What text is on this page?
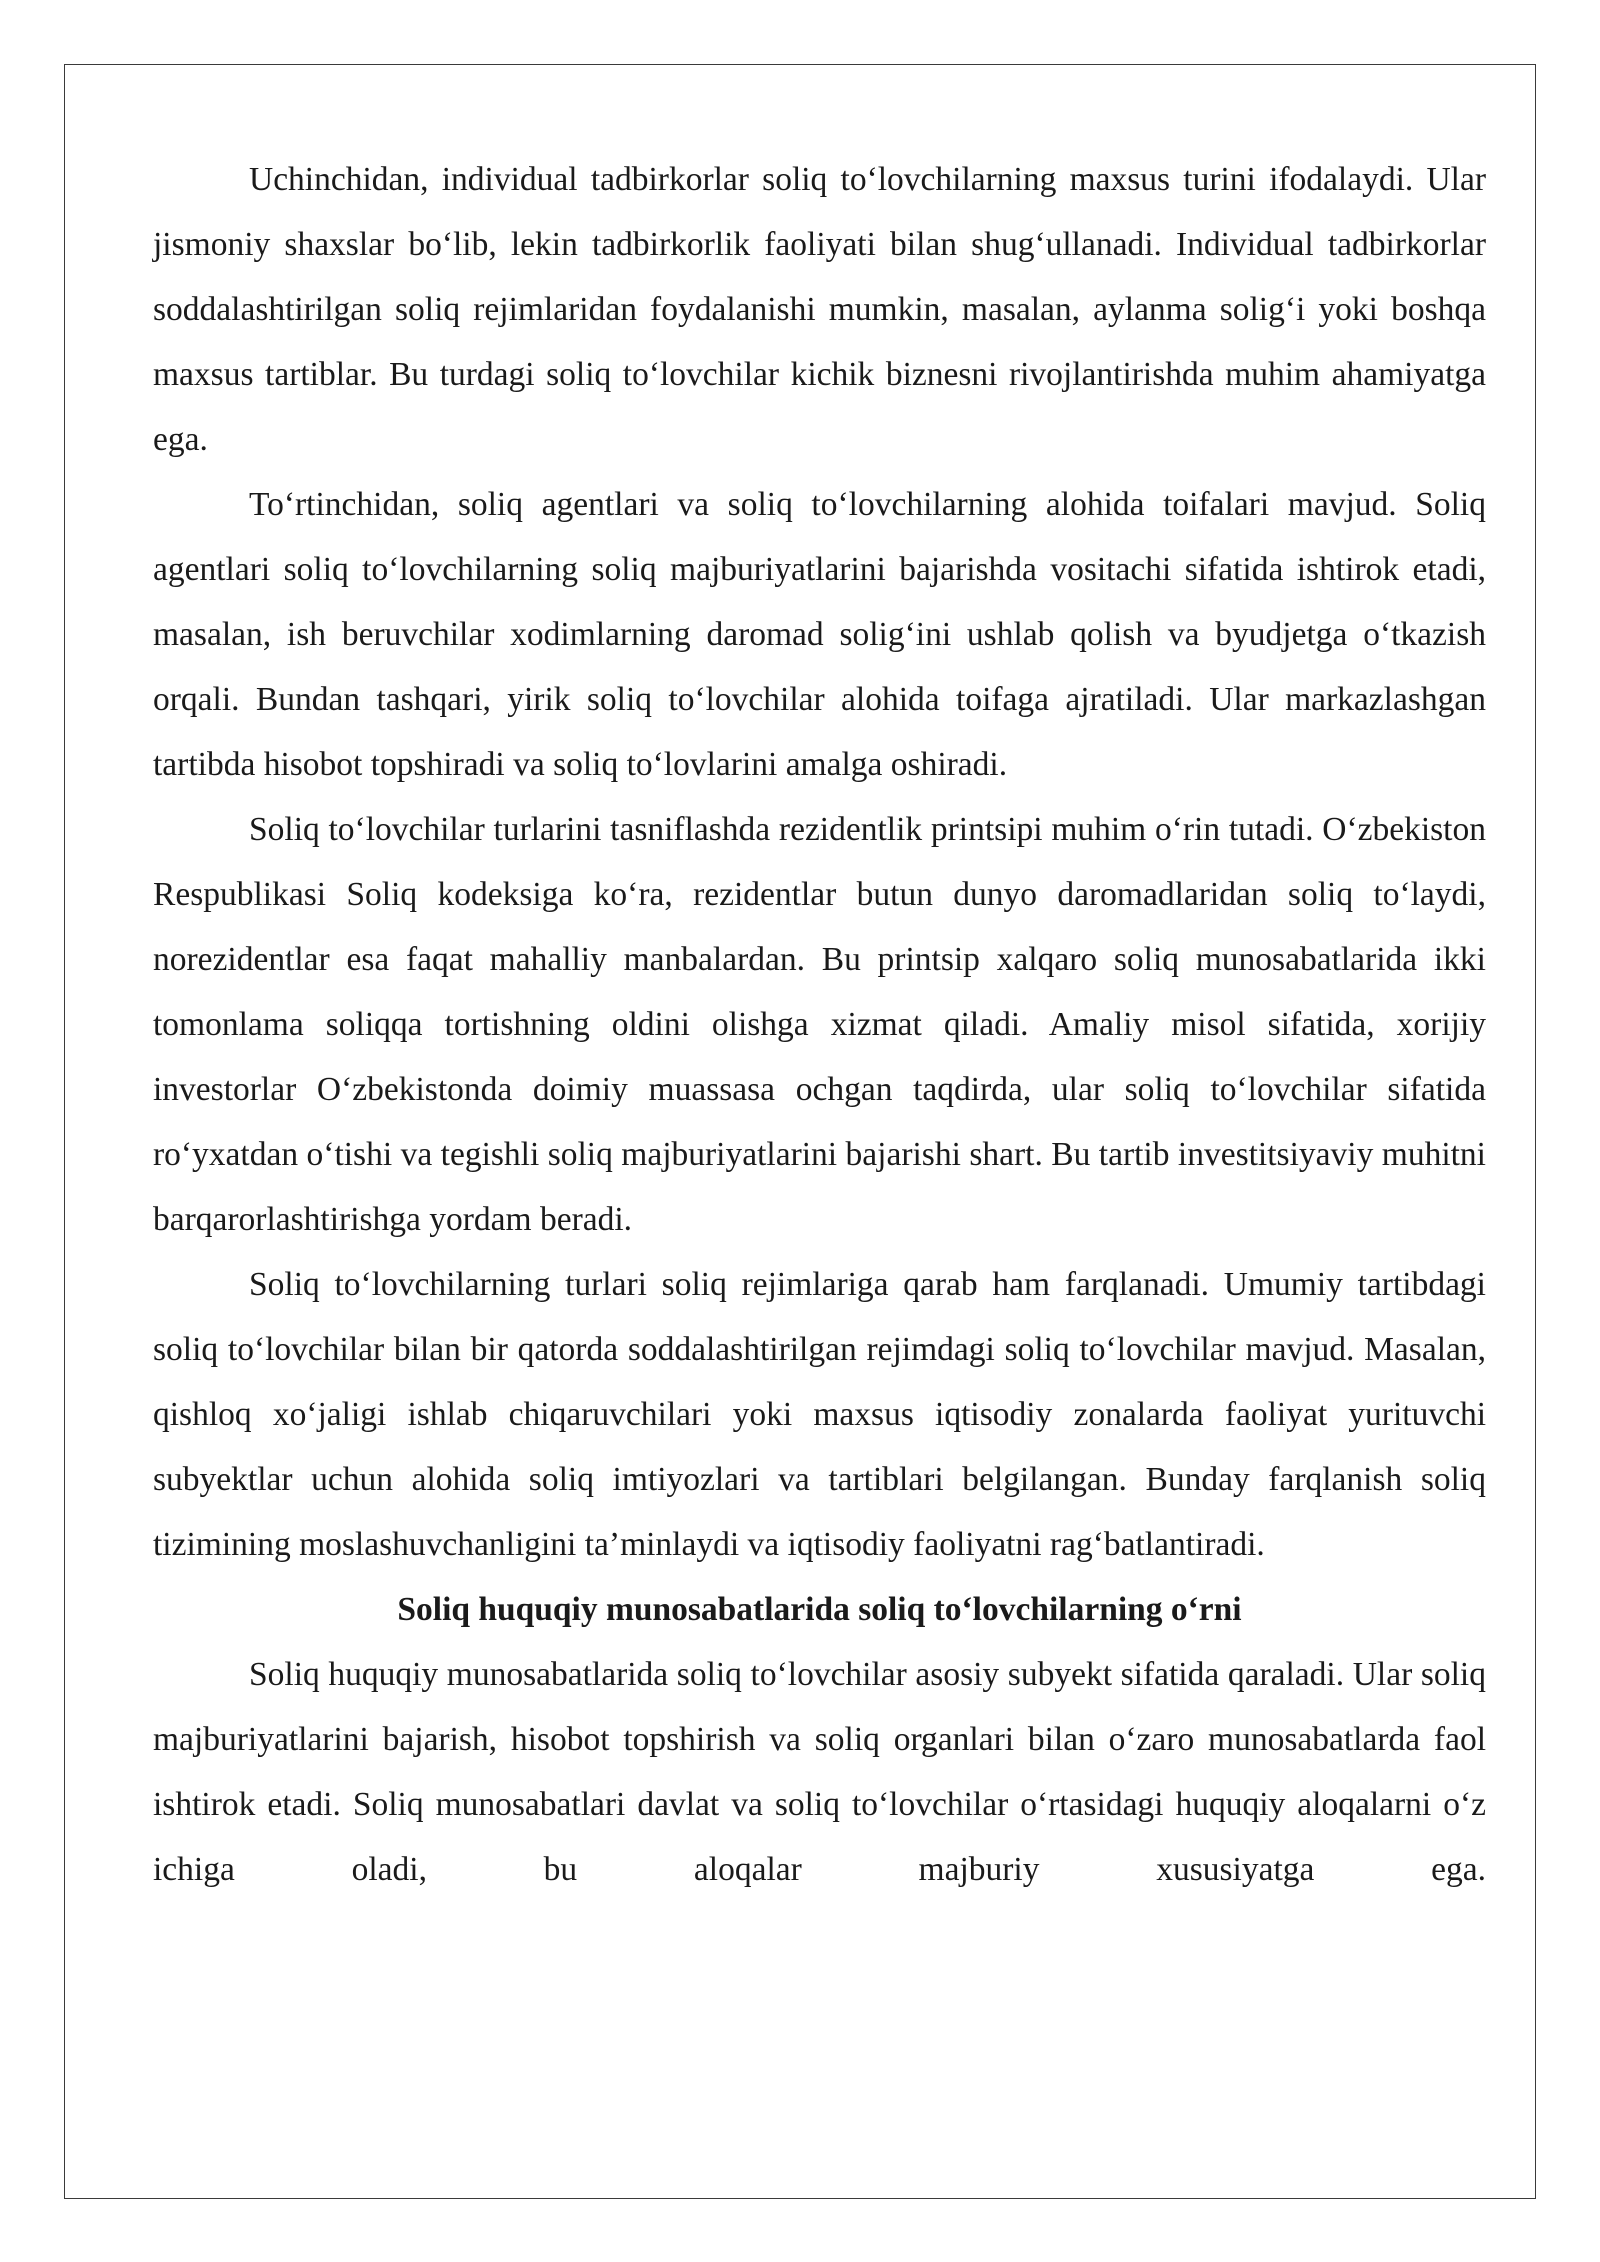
Uchinchidan, individual tadbirkorlar soliq to‘lovchilarning maxsus turini ifodalaydi. Ular jismoniy shaxslar bo‘lib, lekin tadbirkorlik faoliyati bilan shug‘ullanadi. Individual tadbirkorlar soddalashtirilgan soliq rejimlaridan foydalanishi mumkin, masalan, aylanma solig‘i yoki boshqa maxsus tartiblar. Bu turdagi soliq to‘lovchilar kichik biznesni rivojlantirishda muhim ahamiyatga ega.

To‘rtinchidan, soliq agentlari va soliq to‘lovchilarning alohida toifalari mavjud. Soliq agentlari soliq to‘lovchilarning soliq majburiyatlarini bajarishda vositachi sifatida ishtirok etadi, masalan, ish beruvchilar xodimlarning daromad solig‘ini ushlab qolish va byudjetga o‘tkazish orqali. Bundan tashqari, yirik soliq to‘lovchilar alohida toifaga ajratiladi. Ular markazlashgan tartibda hisobot topshiradi va soliq to‘lovlarini amalga oshiradi.

Soliq to‘lovchilar turlarini tasniflashda rezidentlik printsipi muhim o‘rin tutadi. O‘zbekiston Respublikasi Soliq kodeksiga ko‘ra, rezidentlar butun dunyo daromadlaridan soliq to‘laydi, norezidentlar esa faqat mahalliy manbalardan. Bu printsip xalqaro soliq munosabatlarida ikki tomonlama soliqqa tortishning oldini olishga xizmat qiladi. Amaliy misol sifatida, xorijiy investorlar O‘zbekistonda doimiy muassasa ochgan taqdirda, ular soliq to‘lovchilar sifatida ro‘yxatdan o‘tishi va tegishli soliq majburiyatlarini bajarishi shart. Bu tartib investitsiyaviy muhitni barqarorlashtirishga yordam beradi.

Soliq to‘lovchilarning turlari soliq rejimlariga qarab ham farqlanadi. Umumiy tartibdagi soliq to‘lovchilar bilan bir qatorda soddalashtirilgan rejimdagi soliq to‘lovchilar mavjud. Masalan, qishloq xo‘jaligi ishlab chiqaruvchilari yoki maxsus iqtisodiy zonalarda faoliyat yurituvchi subyektlar uchun alohida soliq imtiyozlari va tartiblari belgilangan. Bunday farqlanish soliq tizimining moslashuvchanligini ta’minlaydi va iqtisodiy faoliyatni rag‘batlantiradi.

Soliq huquqiy munosabatlarida soliq to‘lovchilarning o‘rni

Soliq huquqiy munosabatlarida soliq to‘lovchilar asosiy subyekt sifatida qaraladi. Ular soliq majburiyatlarini bajarish, hisobot topshirish va soliq organlari bilan o‘zaro munosabatlarda faol ishtirok etadi. Soliq munosabatlari davlat va soliq to‘lovchilar o‘rtasidagi huquqiy aloqalarni o‘z ichiga oladi, bu aloqalar majburiy xususiyatga ega.
